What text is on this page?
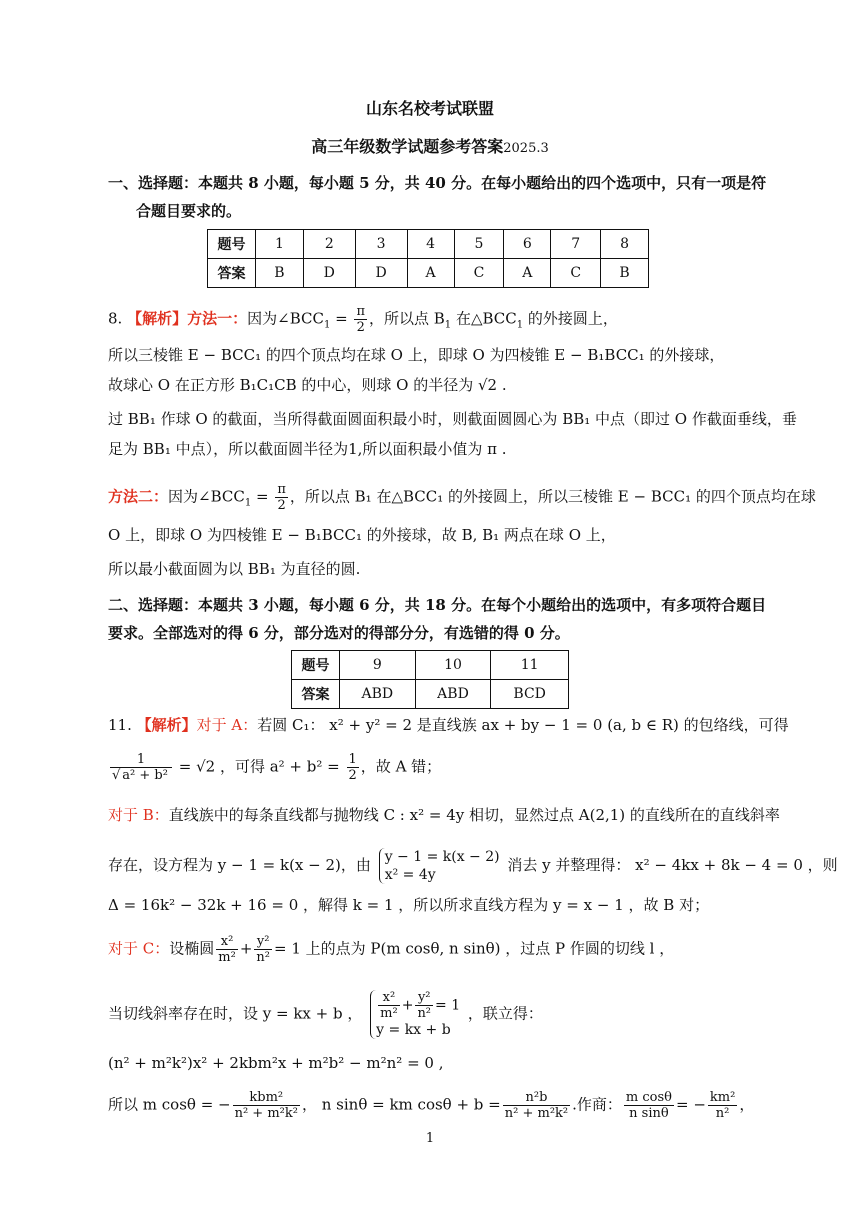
山东名校考试联盟
高三年级数学试题参考答案2025.3
一、选择题：本题共 8 小题，每小题 5 分，共 40 分。在每小题给出的四个选项中，只有一项是符
合题目要求的。
题号	1	2	3	4	5	6	7	8
答案	B	D	D	A	C	A	C	B
8. 【解析】方法一：因为$\angle BCC_1 = \frac{\pi}{2}$ ，所以点 $B_1$ 在$\triangle BCC_1$ 的外接圆上，
所以三棱锥 E − BCC₁ 的四个顶点均在球 O 上，即球 O 为四棱锥 E − B₁BCC₁ 的外接球，
故球心 O 在正方形 B₁C₁CB 的中心，则球 O 的半径为 √2 .
过 BB₁ 作球 O 的截面，当所得截面圆面积最小时，则截面圆圆心为 BB₁ 中点（即过 O 作截面垂线，垂
足为 BB₁ 中点），所以截面圆半径为1,所以面积最小值为 π .
方法二：因为$\angle BCC_1 = \frac{\pi}{2}$ ，所以点 B₁ 在△BCC₁ 的外接圆上，所以三棱锥 E − BCC₁ 的四个顶点均在球
O 上，即球 O 为四棱锥 E − B₁BCC₁ 的外接球，故 B, B₁ 两点在球 O 上，
所以最小截面圆为以 BB₁ 为直径的圆.
二、选择题：本题共 3 小题，每小题 6 分，共 18 分。在每个小题给出的选项中，有多项符合题目
要求。全部选对的得 6 分，部分选对的得部分分，有选错的得 0 分。
题号	9	10	11
答案	ABD	ABD	BCD
11. 【解析】对于 A：若圆 C₁： x² + y² = 2 是直线族 ax + by − 1 = 0 (a, b ∈ R) 的包络线，可得
$\frac{1}{\text{√ a² + b²}} = √2$ ，可得 $a^2 + b^2 = \frac{1}{2}$ ，故 A 错；
对于 B：直线族中的每条直线都与抛物线 C : x² = 4y 相切，显然过点 A(2,1) 的直线所在的直线斜率
存在，设方程为 y − 1 = k(x − 2)，由 y − 1 = k(x − 2)
x² = 4y
消去 y 并整理得： x² − 4kx + 8k − 4 = 0 ，则
Δ = 16k² − 32k + 16 = 0 ，解得 k = 1 ，所以所求直线方程为 y = x − 1 ，故 B 对；
对于 C：设椭圆 $\frac{\text{x²}}{\text{m²}} + \frac{\text{y²}}{\text{n²}} = 1$ 上的点为 P(m cosθ, n sinθ) ，过点 P 作圆的切线 l ，
当切线斜率存在时，设 y = kx + b ， $\frac{\text{x²}}{\text{m²}} + \frac{\text{y²}}{\text{n²}} = 1$
y = kx + b
，联立得：
(n² + m²k²)x² + 2kbm²x + m²b² − m²n² = 0 ,
所以 m cosθ = − $\frac{\text{kbm²}}{\text{n² + m²k²}}$ ， n sinθ = km $\cos\theta + b = \frac{\text{n²b}}{\text{n² + m²k²}}$ .作商： $\frac{\text{m cosθ}}{\text{n sinθ}}$ = − $\frac{\text{km²}}{\text{n²}}$ ，
1
